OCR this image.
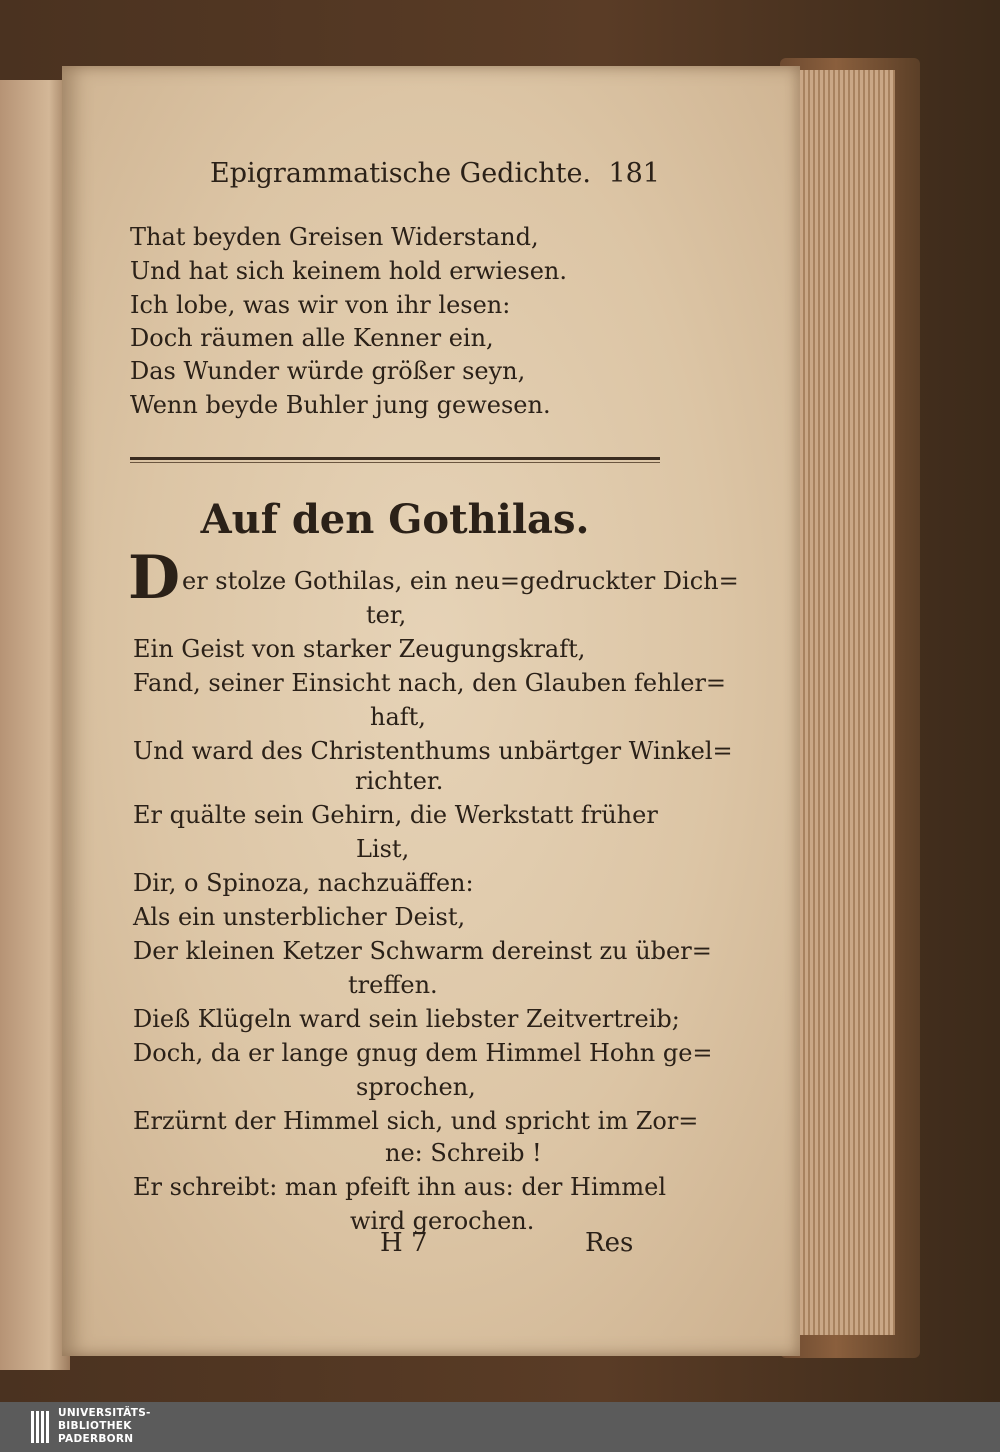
Epigrammatische Gedichte. 181
That beyden Greisen Widerstand,
Und hat sich keinem hold erwiesen.
Ich lobe, was wir von ihr lesen:
Doch räumen alle Kenner ein,
Das Wunder würde größer seyn,
Wenn beyde Buhler jung gewesen.
Auf den Gothilas.
D er stolze Gothilas, ein neu=gedruckter Dich=
ter,
Ein Geist von starker Zeugungskraft,
Fand, seiner Einsicht nach, den Glauben fehler=
haft,
Und ward des Christenthums unbärtger Winkel=
richter.
Er quälte sein Gehirn, die Werkstatt früher
List,
Dir, o Spinoza, nachzuäffen:
Als ein unsterblicher Deist,
Der kleinen Ketzer Schwarm dereinst zu über=
treffen.
Dieß Klügeln ward sein liebster Zeitvertreib;
Doch, da er lange gnug dem Himmel Hohn ge=
sprochen,
Erzürnt der Himmel sich, und spricht im Zor=
ne: Schreib !
Er schreibt: man pfeift ihn aus: der Himmel
wird gerochen.
H 7	Res
UNIVERSITÄTS-
BIBLIOTHEK
PADERBORN
